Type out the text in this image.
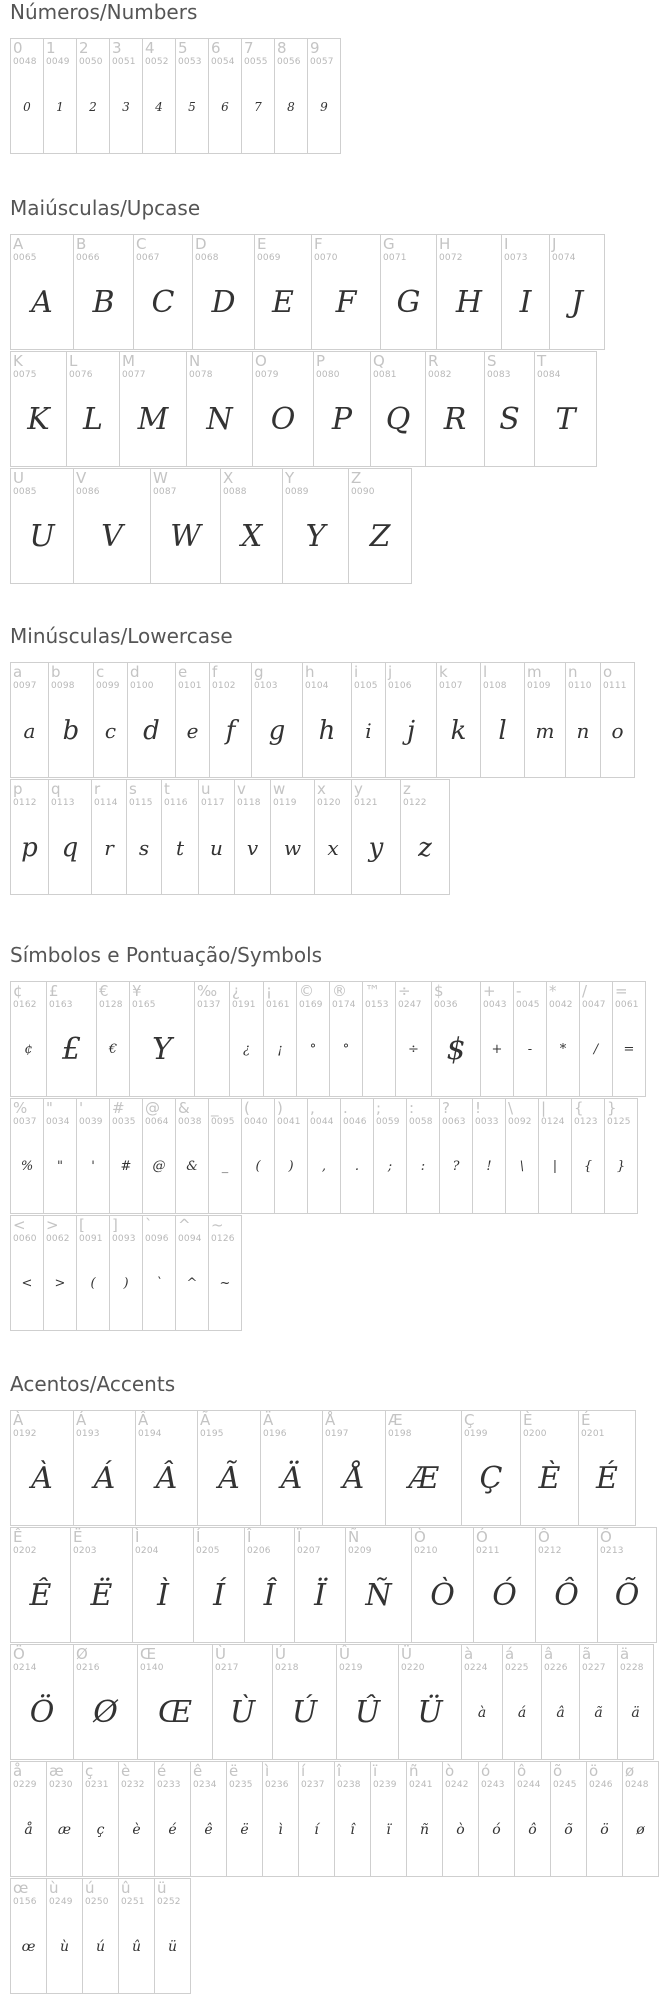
Números/Numbers
0
0048
0
1
0049
1
2
0050
2
3
0051
3
4
0052
4
5
0053
5
6
0054
6
7
0055
7
8
0056
8
9
0057
9
Maiúsculas/Upcase
A
0065
A
B
0066
B
C
0067
C
D
0068
D
E
0069
E
F
0070
F
G
0071
G
H
0072
H
I
0073
I
J
0074
J
K
0075
K
L
0076
L
M
0077
M
N
0078
N
O
0079
O
P
0080
P
Q
0081
Q
R
0082
R
S
0083
S
T
0084
T
U
0085
U
V
0086
V
W
0087
W
X
0088
X
Y
0089
Y
Z
0090
Z
Minúsculas/Lowercase
a
0097
a
b
0098
b
c
0099
c
d
0100
d
e
0101
e
f
0102
f
g
0103
g
h
0104
h
i
0105
i
j
0106
j
k
0107
k
l
0108
l
m
0109
m
n
0110
n
o
0111
o
p
0112
p
q
0113
q
r
0114
r
s
0115
s
t
0116
t
u
0117
u
v
0118
v
w
0119
w
x
0120
x
y
0121
y
z
0122
z
Símbolos e Pontuação/Symbols
¢
0162
¢
£
0163
£
€
0128
€
¥
0165
Y
‰
0137
¿
0191
¿
¡
0161
¡
©
0169
°
®
0174
°
™
0153
÷
0247
÷
$
0036
$
+
0043
+
-
0045
-
*
0042
*
/
0047
/
=
0061
=
%
0037
%
"
0034
"
'
0039
'
#
0035
#
@
0064
@
&
0038
&
_
0095
_
(
0040
(
)
0041
)
,
0044
,
.
0046
.
;
0059
;
:
0058
:
?
0063
?
!
0033
!
\
0092
\
|
0124
|
{
0123
{
}
0125
}
<
0060
<
>
0062
>
[
0091
(
]
0093
)
`
0096
`
^
0094
^
~
0126
~
Acentos/Accents
À
0192
À
Á
0193
Á
Â
0194
Â
Ã
0195
Ã
Ä
0196
Ä
Å
0197
Å
Æ
0198
Æ
Ç
0199
Ç
È
0200
È
É
0201
É
Ê
0202
Ê
Ë
0203
Ë
Ì
0204
Ì
Í
0205
Í
Î
0206
Î
Ï
0207
Ï
Ñ
0209
Ñ
Ò
0210
Ò
Ó
0211
Ó
Ô
0212
Ô
Õ
0213
Õ
Ö
0214
Ö
Ø
0216
Ø
Œ
0140
Œ
Ù
0217
Ù
Ú
0218
Ú
Û
0219
Û
Ü
0220
Ü
à
0224
à
á
0225
á
â
0226
â
ã
0227
ã
ä
0228
ä
å
0229
å
æ
0230
æ
ç
0231
ç
è
0232
è
é
0233
é
ê
0234
ê
ë
0235
ë
ì
0236
ì
í
0237
í
î
0238
î
ï
0239
ï
ñ
0241
ñ
ò
0242
ò
ó
0243
ó
ô
0244
ô
õ
0245
õ
ö
0246
ö
ø
0248
ø
œ
0156
œ
ù
0249
ù
ú
0250
ú
û
0251
û
ü
0252
ü
